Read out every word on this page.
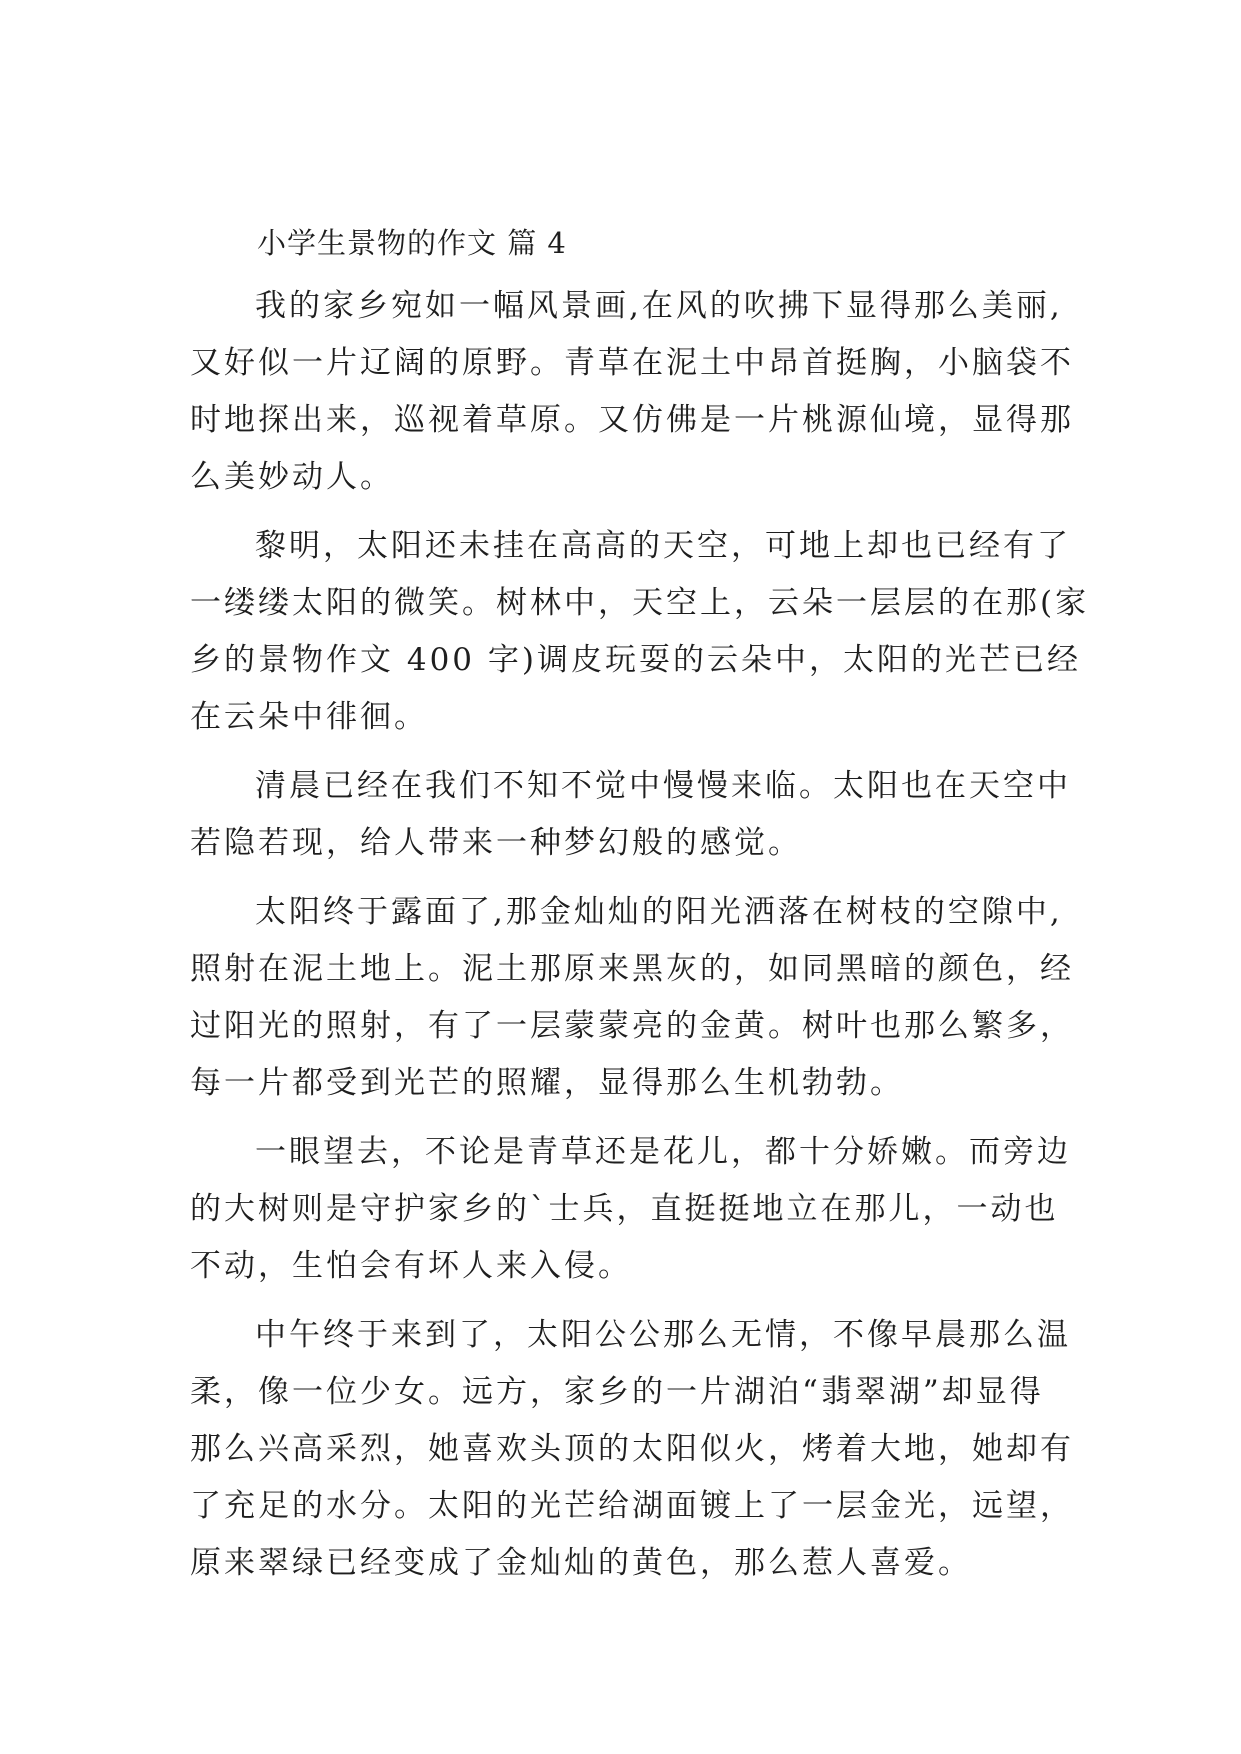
小学生景物的作文 篇 4
我的家乡宛如一幅风景画,在风的吹拂下显得那么美丽,
又好似一片辽阔的原野。青草在泥土中昂首挺胸，小脑袋不
时地探出来，巡视着草原。又仿佛是一片桃源仙境，显得那
么美妙动人。
黎明，太阳还未挂在高高的天空，可地上却也已经有了
一缕缕太阳的微笑。树林中，天空上，云朵一层层的在那(家
乡的景物作文 400 字)调皮玩耍的云朵中，太阳的光芒已经
在云朵中徘徊。
清晨已经在我们不知不觉中慢慢来临。太阳也在天空中
若隐若现，给人带来一种梦幻般的感觉。
太阳终于露面了,那金灿灿的阳光洒落在树枝的空隙中,
照射在泥土地上。泥土那原来黑灰的，如同黑暗的颜色，经
过阳光的照射，有了一层蒙蒙亮的金黄。树叶也那么繁多，
每一片都受到光芒的照耀，显得那么生机勃勃。
一眼望去，不论是青草还是花儿，都十分娇嫩。而旁边
的大树则是守护家乡的`士兵，直挺挺地立在那儿，一动也
不动，生怕会有坏人来入侵。
中午终于来到了，太阳公公那么无情，不像早晨那么温
柔，像一位少女。远方，家乡的一片湖泊“翡翠湖”却显得
那么兴高采烈，她喜欢头顶的太阳似火，烤着大地，她却有
了充足的水分。太阳的光芒给湖面镀上了一层金光，远望，
原来翠绿已经变成了金灿灿的黄色，那么惹人喜爱。
